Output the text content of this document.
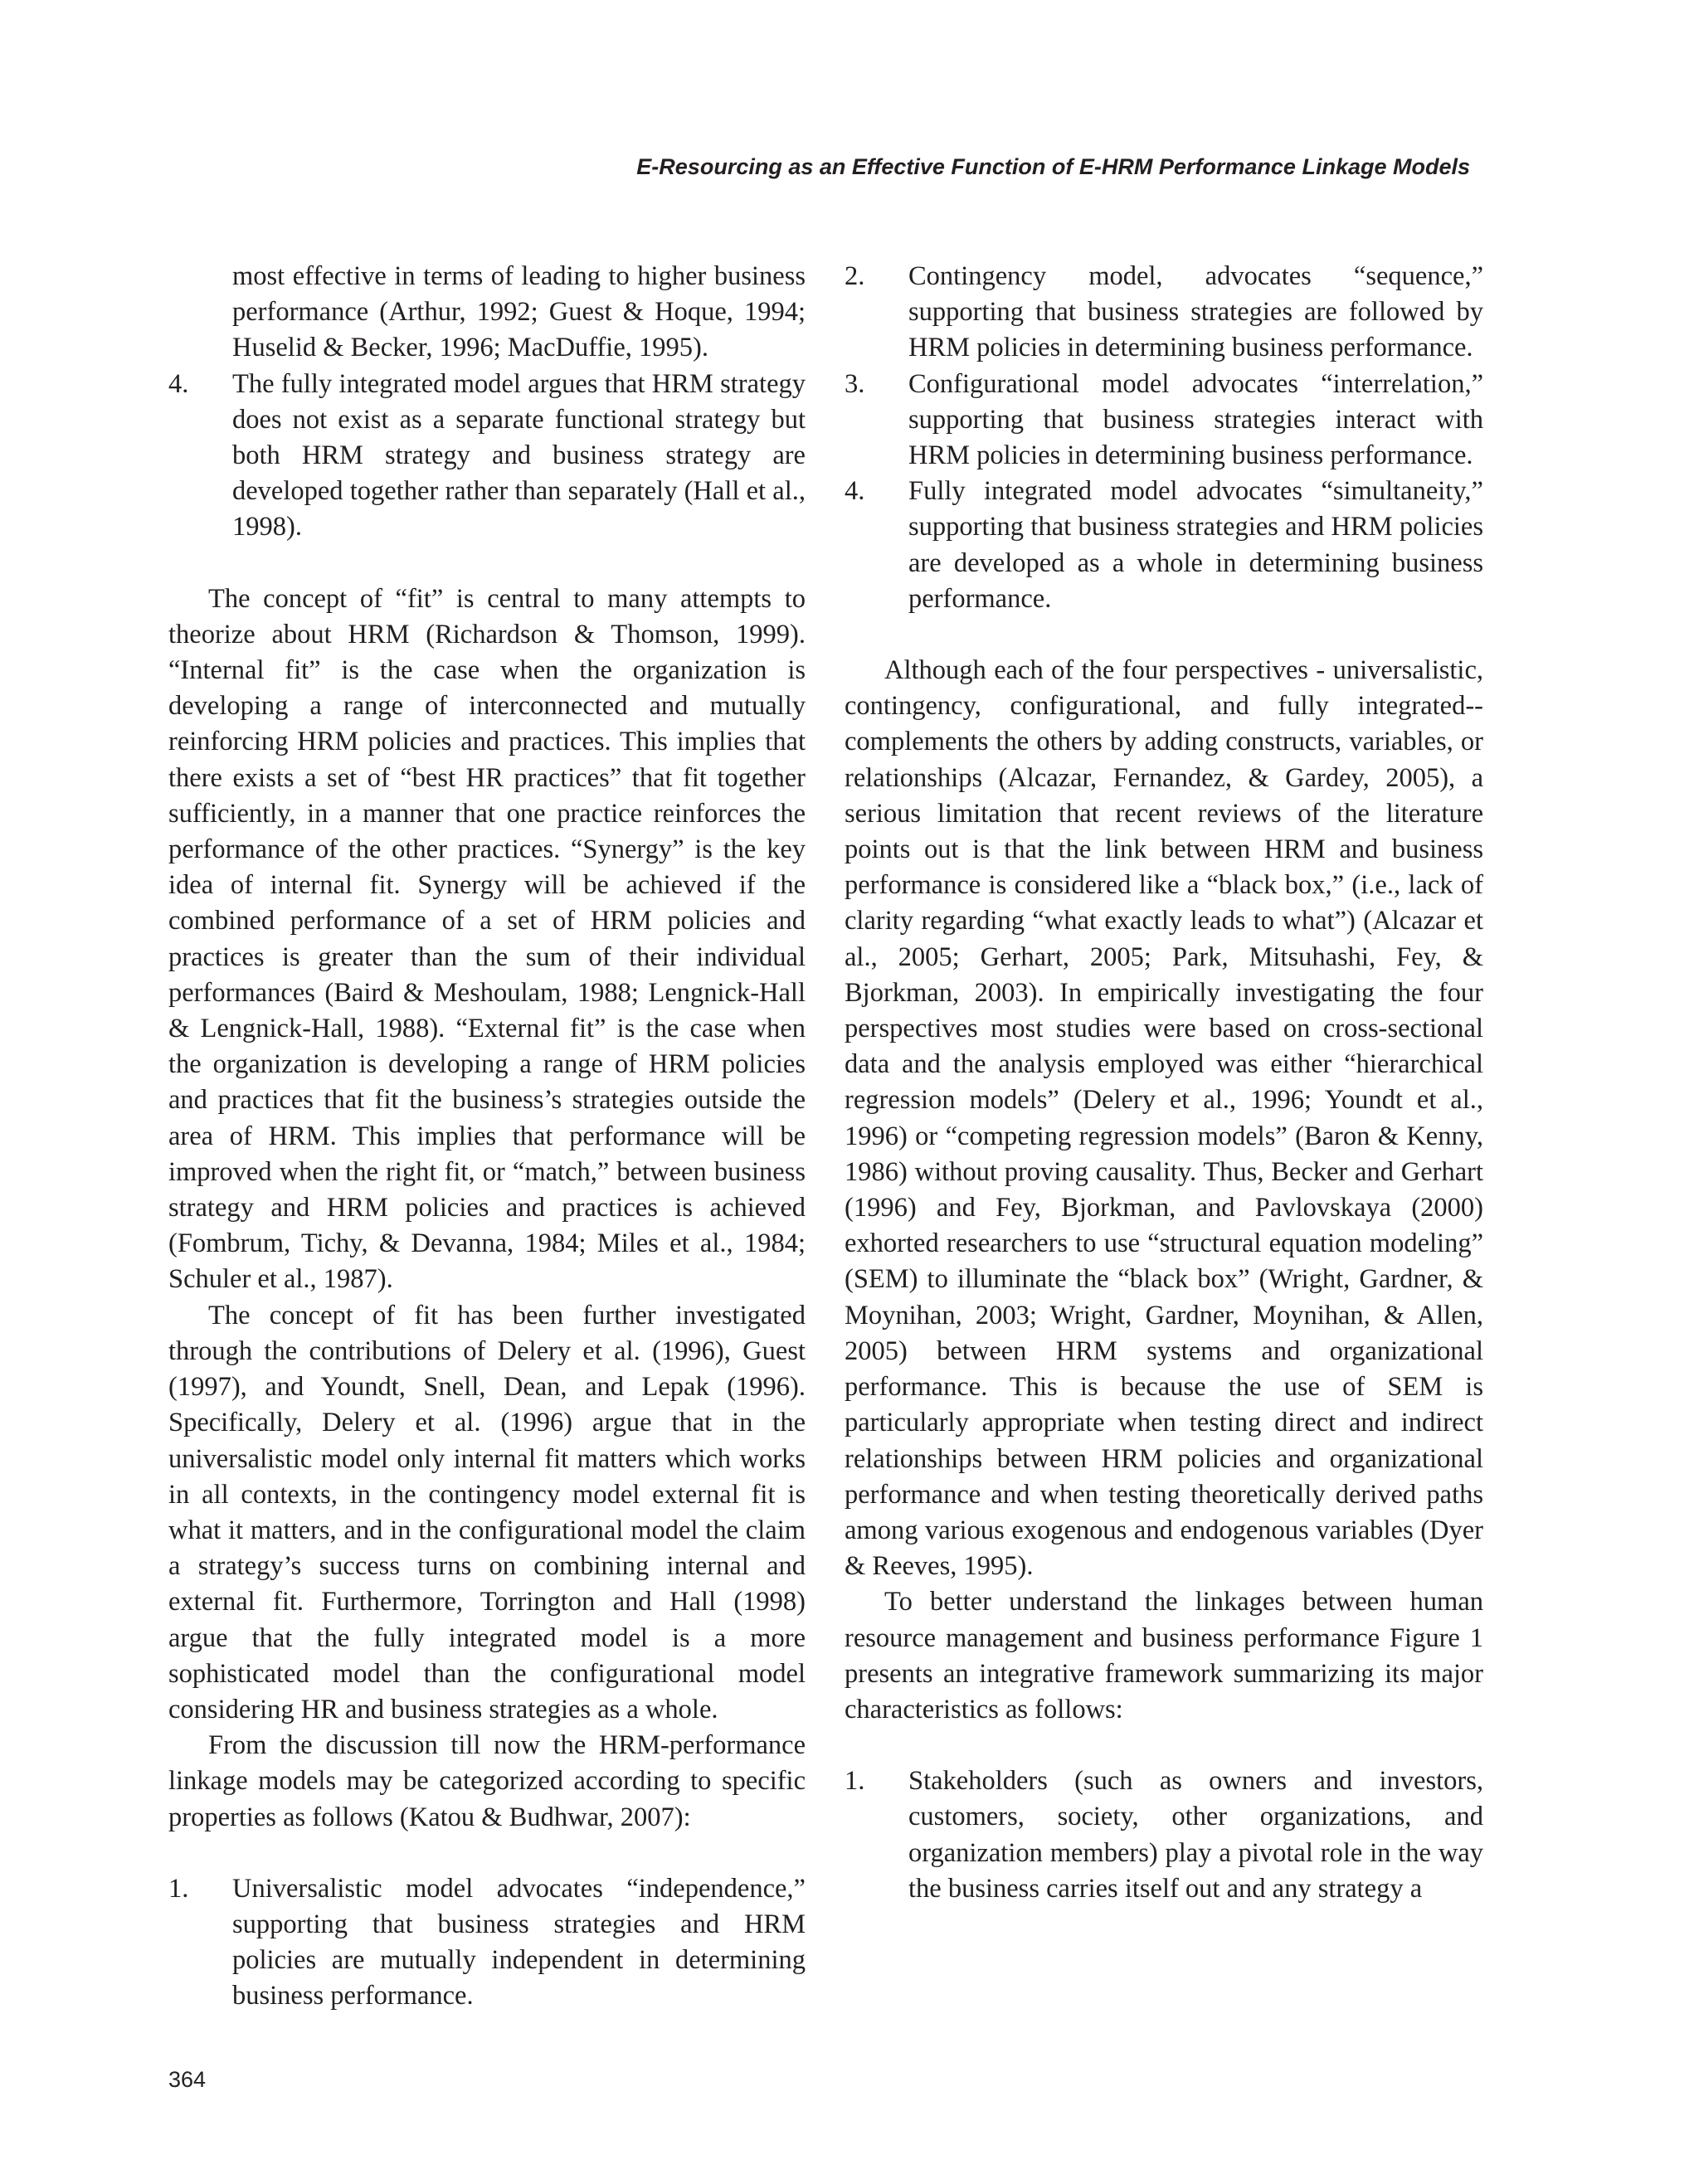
E-Resourcing as an Effective Function of E-HRM Performance Linkage Models

most effective in terms of leading to higher business performance (Arthur, 1992; Guest & Hoque, 1994; Huselid & Becker, 1996; MacDuffie, 1995).

4. The fully integrated model argues that HRM strategy does not exist as a separate functional strategy but both HRM strategy and business strategy are developed together rather than separately (Hall et al., 1998).

The concept of “fit” is central to many attempts to theorize about HRM (Richardson & Thomson, 1999). “Internal fit” is the case when the organization is developing a range of interconnected and mutually reinforcing HRM policies and practices. This implies that there exists a set of “best HR practices” that fit together sufficiently, in a manner that one practice reinforces the performance of the other practices. “Synergy” is the key idea of internal fit. Synergy will be achieved if the combined performance of a set of HRM policies and practices is greater than the sum of their individual performances (Baird & Meshoulam, 1988; Lengnick-Hall & Lengnick-Hall, 1988). “External fit” is the case when the organization is developing a range of HRM policies and practices that fit the business’s strategies outside the area of HRM. This implies that performance will be improved when the right fit, or “match,” between business strategy and HRM policies and practices is achieved (Fombrum, Tichy, & Devanna, 1984; Miles et al., 1984; Schuler et al., 1987).

The concept of fit has been further investigated through the contributions of Delery et al. (1996), Guest (1997), and Youndt, Snell, Dean, and Lepak (1996). Specifically, Delery et al. (1996) argue that in the universalistic model only internal fit matters which works in all contexts, in the contingency model external fit is what it matters, and in the configurational model the claim a strategy’s success turns on combining internal and external fit. Furthermore, Torrington and Hall (1998) argue that the fully integrated model is a more sophisticated model than the configurational model considering HR and business strategies as a whole.

From the discussion till now the HRM-performance linkage models may be categorized according to specific properties as follows (Katou & Budhwar, 2007):

1. Universalistic model advocates “independence,” supporting that business strategies and HRM policies are mutually independent in determining business performance.
2. Contingency model, advocates “sequence,” supporting that business strategies are followed by HRM policies in determining business performance.
3. Configurational model advocates “interrelation,” supporting that business strategies interact with HRM policies in determining business performance.
4. Fully integrated model advocates “simultaneity,” supporting that business strategies and HRM policies are developed as a whole in determining business performance.

Although each of the four perspectives - universalistic, contingency, configurational, and fully integrated--complements the others by adding constructs, variables, or relationships (Alcazar, Fernandez, & Gardey, 2005), a serious limitation that recent reviews of the literature points out is that the link between HRM and business performance is considered like a “black box,” (i.e., lack of clarity regarding “what exactly leads to what”) (Alcazar et al., 2005; Gerhart, 2005; Park, Mitsuhashi, Fey, & Bjorkman, 2003). In empirically investigating the four perspectives most studies were based on cross-sectional data and the analysis employed was either “hierarchical regression models” (Delery et al., 1996; Youndt et al., 1996) or “competing regression models” (Baron & Kenny, 1986) without proving causality. Thus, Becker and Gerhart (1996) and Fey, Bjorkman, and Pavlovskaya (2000) exhorted researchers to use “structural equation modeling” (SEM) to illuminate the “black box” (Wright, Gardner, & Moynihan, 2003; Wright, Gardner, Moynihan, & Allen, 2005) between HRM systems and organizational performance. This is because the use of SEM is particularly appropriate when testing direct and indirect relationships between HRM policies and organizational performance and when testing theoretically derived paths among various exogenous and endogenous variables (Dyer & Reeves, 1995).

To better understand the linkages between human resource management and business performance Figure 1 presents an integrative framework summarizing its major characteristics as follows:

1. Stakeholders (such as owners and investors, customers, society, other organizations, and organization members) play a pivotal role in the way the business carries itself out and any strategy a
364
